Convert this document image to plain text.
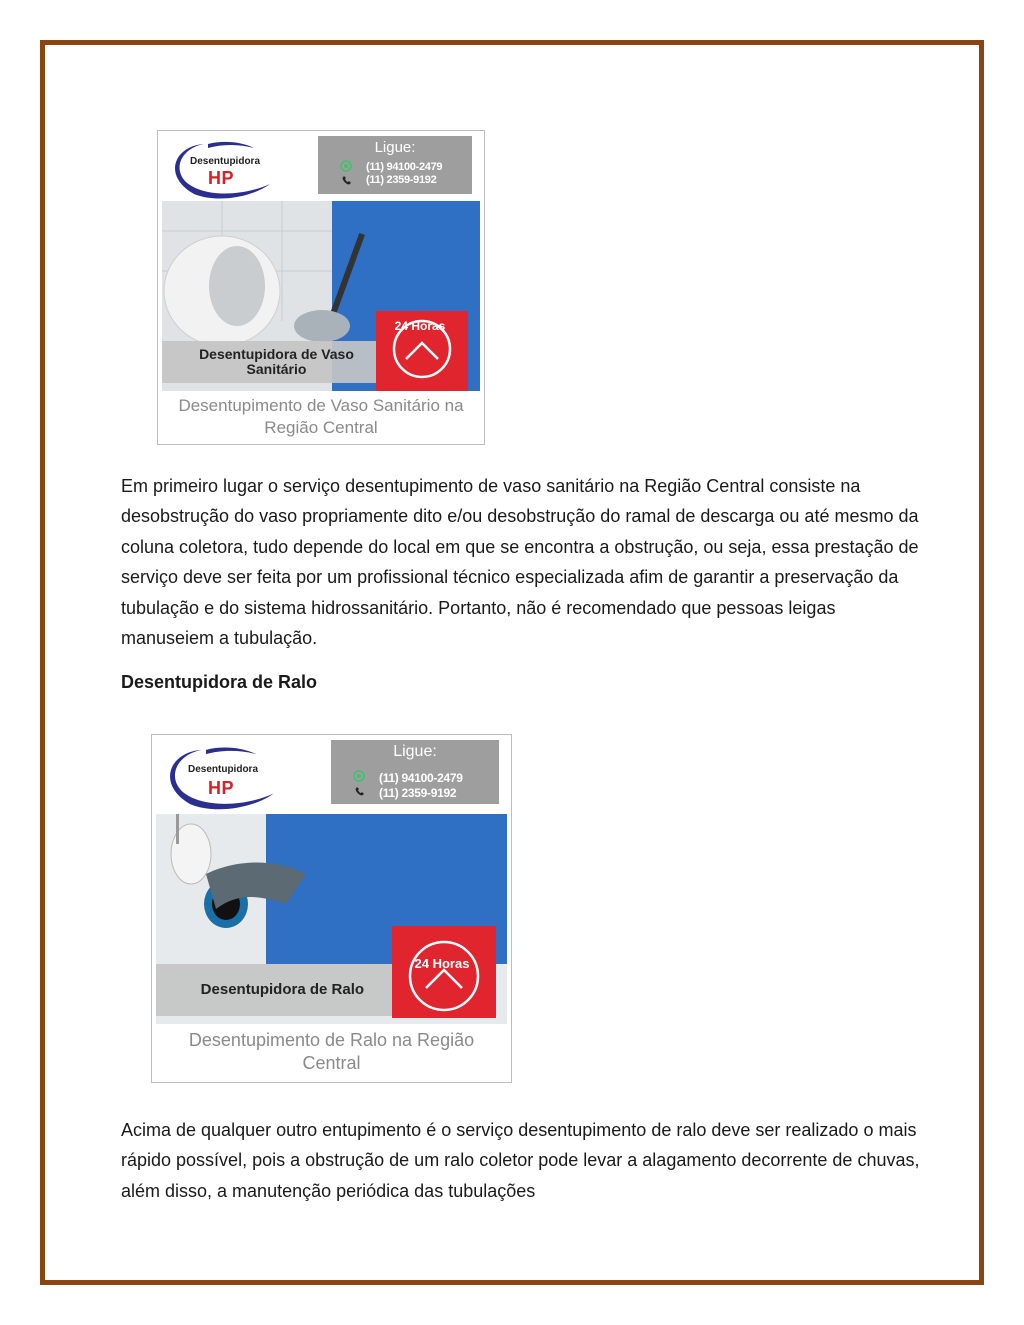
Desentupidora
HP
Ligue:
(11) 94100-2479
(11) 2359-9192
Desentupidora de Vaso Sanitário
24 Horas
Desentupimento de Vaso Sanitário na Região Central

Em primeiro lugar o serviço desentupimento de vaso sanitário na Região Central consiste na desobstrução do vaso propriamente dito e/ou desobstrução do ramal de descarga ou até mesmo da coluna coletora, tudo depende do local em que se encontra a obstrução, ou seja, essa prestação de serviço deve ser feita por um profissional técnico especializada afim de garantir a preservação da tubulação e do sistema hidrossanitário. Portanto, não é recomendado que pessoas leigas manuseiem a tubulação.

Desentupidora de Ralo

Desentupidora
HP
Ligue:
(11) 94100-2479
(11) 2359-9192
Desentupidora de Ralo
24 Horas
Desentupimento de Ralo na Região Central

Acima de qualquer outro entupimento é o serviço desentupimento de ralo deve ser realizado o mais rápido possível, pois a obstrução de um ralo coletor pode levar a alagamento decorrente de chuvas, além disso, a manutenção periódica das tubulações
